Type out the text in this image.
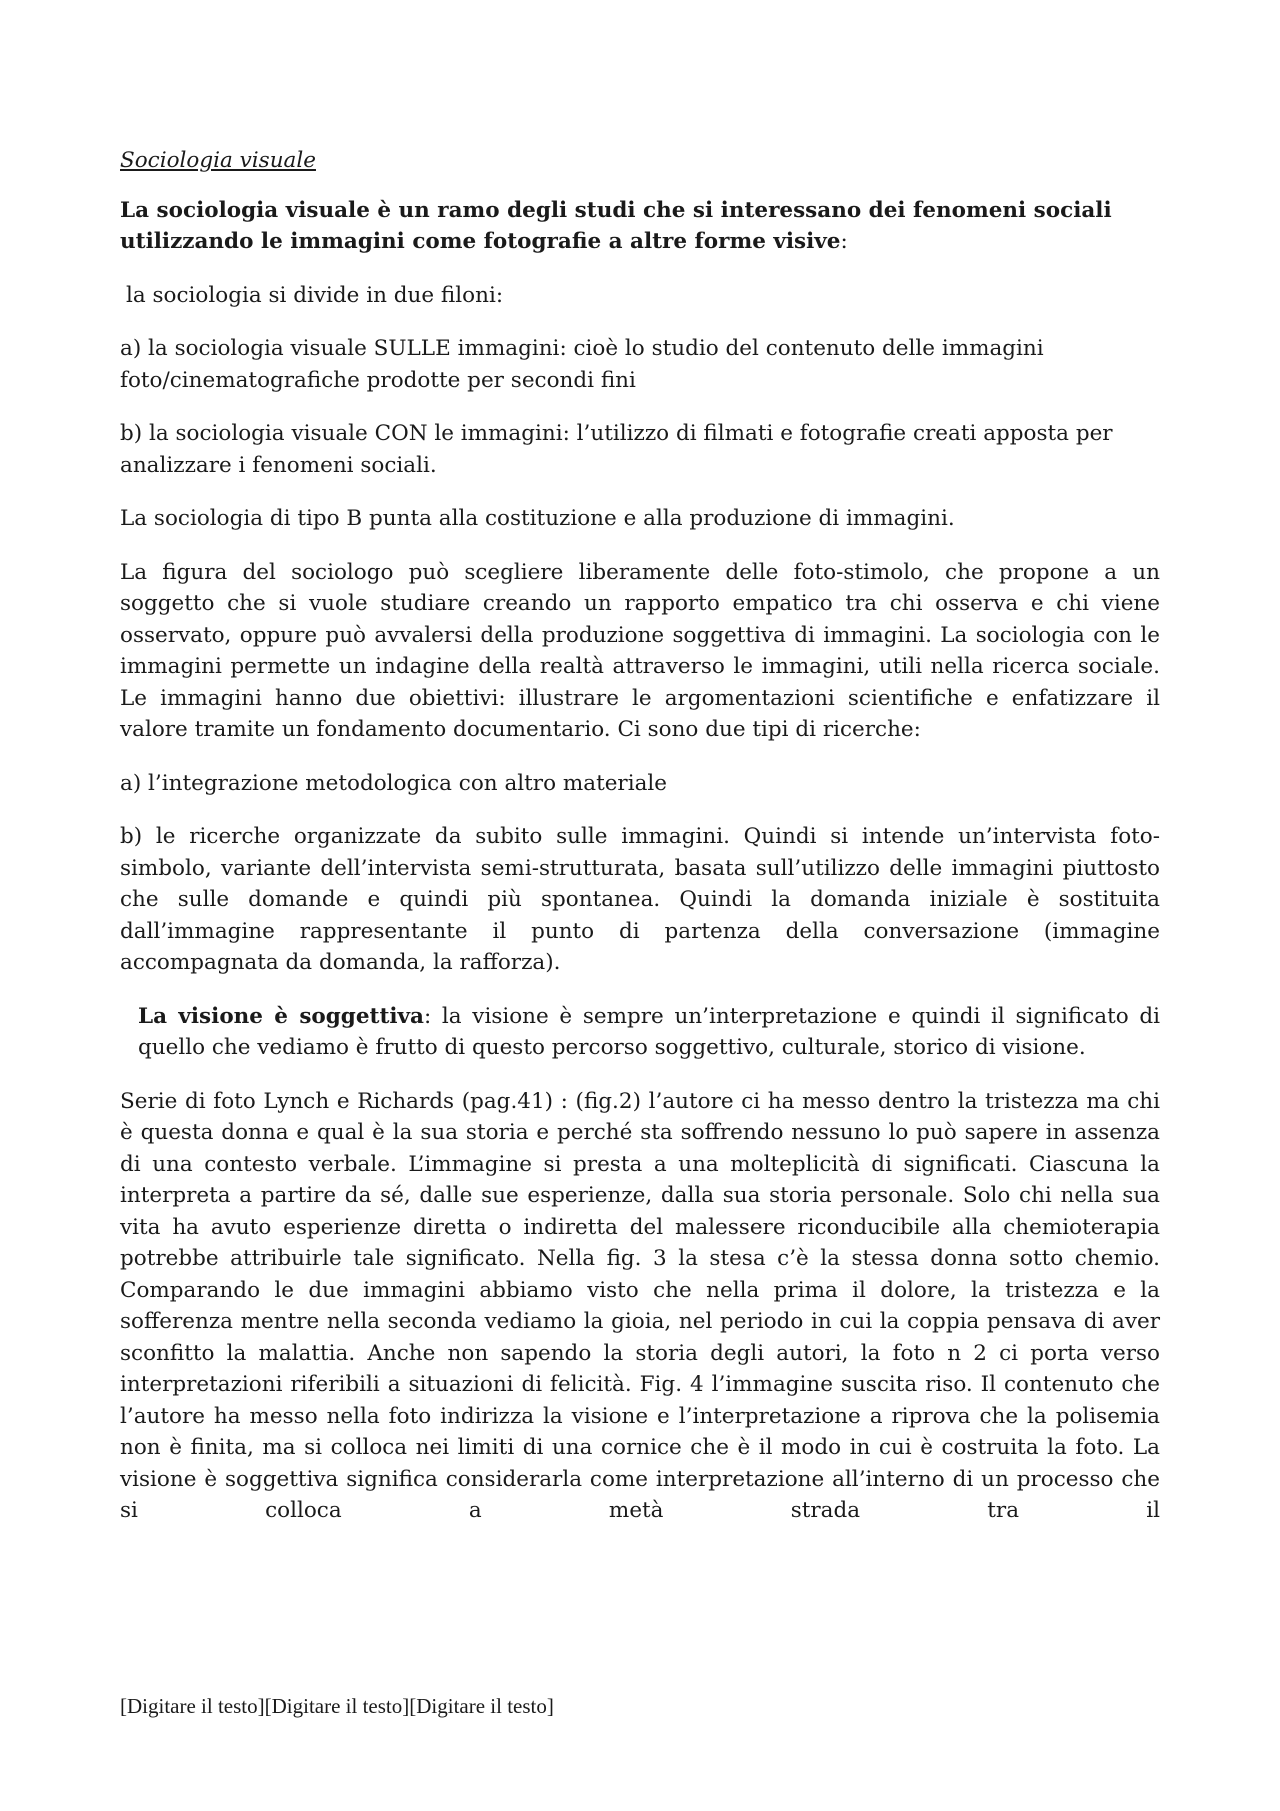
Sociologia visuale

La sociologia visuale è un ramo degli studi che si interessano dei fenomeni sociali utilizzando le immagini come fotografie a altre forme visive:

la sociologia si divide in due filoni:

a) la sociologia visuale SULLE immagini: cioè lo studio del contenuto delle immagini foto/cinematografiche prodotte per secondi fini

b) la sociologia visuale CON le immagini: l’utilizzo di filmati e fotografie creati apposta per analizzare i fenomeni sociali.

La sociologia di tipo B punta alla costituzione e alla produzione di immagini.

La figura del sociologo può scegliere liberamente delle foto-stimolo, che propone a un soggetto che si vuole studiare creando un rapporto empatico tra chi osserva e chi viene osservato, oppure può avvalersi della produzione soggettiva di immagini. La sociologia con le immagini permette un indagine della realtà attraverso le immagini, utili nella ricerca sociale. Le immagini hanno due obiettivi: illustrare le argomentazioni scientifiche e enfatizzare il valore tramite un fondamento documentario. Ci sono due tipi di ricerche:

a) l’integrazione metodologica con altro materiale

b) le ricerche organizzate da subito sulle immagini. Quindi si intende un’intervista foto-simbolo, variante dell’intervista semi-strutturata, basata sull’utilizzo delle immagini piuttosto che sulle domande e quindi più spontanea. Quindi la domanda iniziale è sostituita dall’immagine rappresentante il punto di partenza della conversazione (immagine accompagnata da domanda, la rafforza).

La visione è soggettiva: la visione è sempre un’interpretazione e quindi il significato di quello che vediamo è frutto di questo percorso soggettivo, culturale, storico di visione.

Serie di foto Lynch e Richards (pag.41) : (fig.2) l’autore ci ha messo dentro la tristezza ma chi è questa donna e qual è la sua storia e perché sta soffrendo nessuno lo può sapere in assenza di una contesto verbale. L’immagine si presta a una molteplicità di significati. Ciascuna la interpreta a partire da sé, dalle sue esperienze, dalla sua storia personale. Solo chi nella sua vita ha avuto esperienze diretta o indiretta del malessere riconducibile alla chemioterapia potrebbe attribuirle tale significato. Nella fig. 3 la stesa c’è la stessa donna sotto chemio. Comparando le due immagini abbiamo visto che nella prima il dolore, la tristezza e la sofferenza mentre nella seconda vediamo la gioia, nel periodo in cui la coppia pensava di aver sconfitto la malattia. Anche non sapendo la storia degli autori, la foto n 2 ci porta verso interpretazioni riferibili a situazioni di felicità. Fig. 4 l’immagine suscita riso. Il contenuto che l’autore ha messo nella foto indirizza la visione e l’interpretazione a riprova che la polisemia non è finita, ma si colloca nei limiti di una cornice che è il modo in cui è costruita la foto. La visione è soggettiva significa considerarla come interpretazione all’interno di un processo che si colloca a metà strada tra il

[Digitare il testo][Digitare il testo][Digitare il testo]
